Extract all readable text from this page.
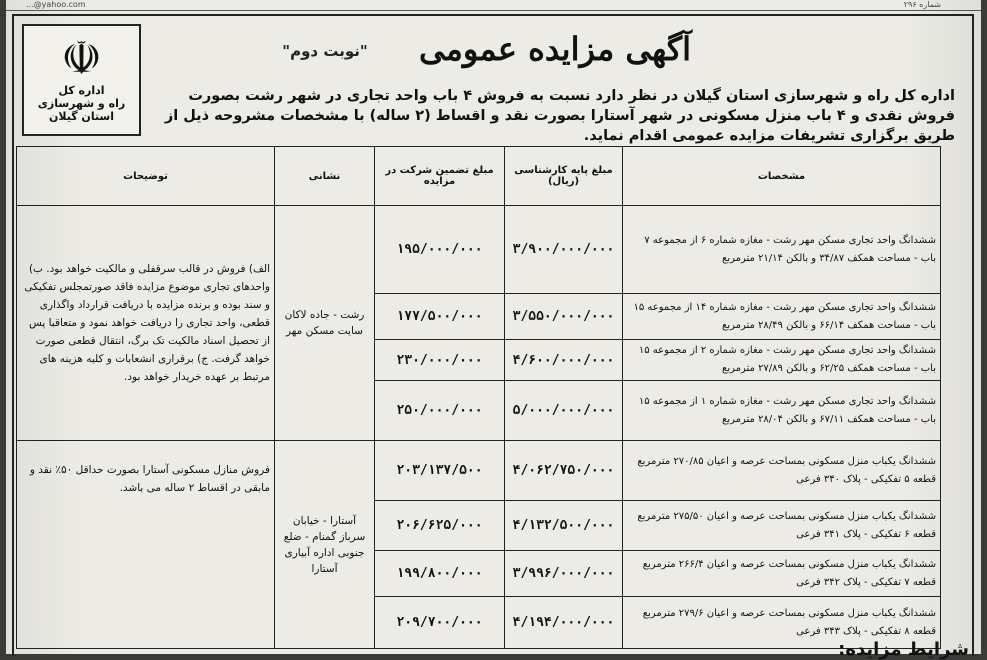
...@yahoo.com	شماره ۲۹۶
☫
اداره کل
راه و شهرسازی
استان گیلان
آگهی مزایده عمومی
"نوبت دوم"
اداره کل راه و شهرسازی استان گیلان در نظر دارد نسبت به فروش ۴ باب واحد تجاری در شهر رشت بصورت فروش نقدی و ۴ باب منزل مسکونی در شهر آستارا بصورت نقد و اقساط (۲ ساله) با مشخصات مشروحه ذیل از طریق برگزاری تشریفات مزایده عمومی اقدام نماید.
مشخصات	مبلغ پایه کارشناسی (ریال)	مبلغ تضمین شرکت در مزایده	نشانی	توضیحات
ششدانگ واحد تجاری مسکن مهر رشت - مغازه شماره ۶ از مجموعه ۷ باب - مساحت همکف ۳۴/۸۷ و بالکن ۲۱/۱۴ مترمربع	۳/۹۰۰/۰۰۰/۰۰۰	۱۹۵/۰۰۰/۰۰۰	رشت - جاده لاکان سایت مسکن مهر	الف) فروش در قالب سرقفلی و مالکیت خواهد بود. ب) واحدهای تجاری موضوع مزایده فاقد صورتمجلس تفکیکی و سند بوده و برنده مزایده با دریافت قرارداد واگذاری قطعی، واحد تجاری را دریافت خواهد نمود و متعاقبا پس از تحصیل اسناد مالکیت تک برگ، انتقال قطعی صورت خواهد گرفت. ج) برقراری انشعابات و کلیه هزینه های مرتبط بر عهده خریدار خواهد بود.
ششدانگ واحد تجاری مسکن مهر رشت - مغازه شماره ۱۴ از مجموعه ۱۵ باب - مساحت همکف ۶۶/۱۴ و بالکن ۲۸/۴۹ مترمربع	۳/۵۵۰/۰۰۰/۰۰۰	۱۷۷/۵۰۰/۰۰۰		
ششدانگ واحد تجاری مسکن مهر رشت - مغازه شماره ۲ از مجموعه ۱۵ باب - مساحت همکف ۶۲/۲۵ و بالکن ۲۷/۸۹ مترمربع	۴/۶۰۰/۰۰۰/۰۰۰	۲۳۰/۰۰۰/۰۰۰		
ششدانگ واحد تجاری مسکن مهر رشت - مغازه شماره ۱ از مجموعه ۱۵ باب - مساحت همکف ۶۷/۱۱ و بالکن ۲۸/۰۴ مترمربع	۵/۰۰۰/۰۰۰/۰۰۰	۲۵۰/۰۰۰/۰۰۰		
ششدانگ یکباب منزل مسکونی بمساحت عرصه و اعیان ۲۷۰/۸۵ مترمربع قطعه ۵ تفکیکی - پلاک ۳۴۰ فرعی	۴/۰۶۲/۷۵۰/۰۰۰	۲۰۳/۱۳۷/۵۰۰	آستارا - خیابان سرباز گمنام - ضلع جنوبی اداره آبیاری آستارا	فروش منازل مسکونی آستارا بصورت حداقل ۵۰٪ نقد و مابقی در اقساط ۲ ساله می باشد.
ششدانگ یکباب منزل مسکونی بمساحت عرصه و اعیان ۲۷۵/۵۰ مترمربع قطعه ۶ تفکیکی - پلاک ۳۴۱ فرعی	۴/۱۳۲/۵۰۰/۰۰۰	۲۰۶/۶۲۵/۰۰۰		
ششدانگ یکباب منزل مسکونی بمساحت عرصه و اعیان ۲۶۶/۴ مترمربع قطعه ۷ تفکیکی - پلاک ۳۴۲ فرعی	۳/۹۹۶/۰۰۰/۰۰۰	۱۹۹/۸۰۰/۰۰۰		
ششدانگ یکباب منزل مسکونی بمساحت عرصه و اعیان ۲۷۹/۶ مترمربع قطعه ۸ تفکیکی - پلاک ۳۴۳ فرعی	۴/۱۹۴/۰۰۰/۰۰۰	۲۰۹/۷۰۰/۰۰۰		
شرایط مزایده:
